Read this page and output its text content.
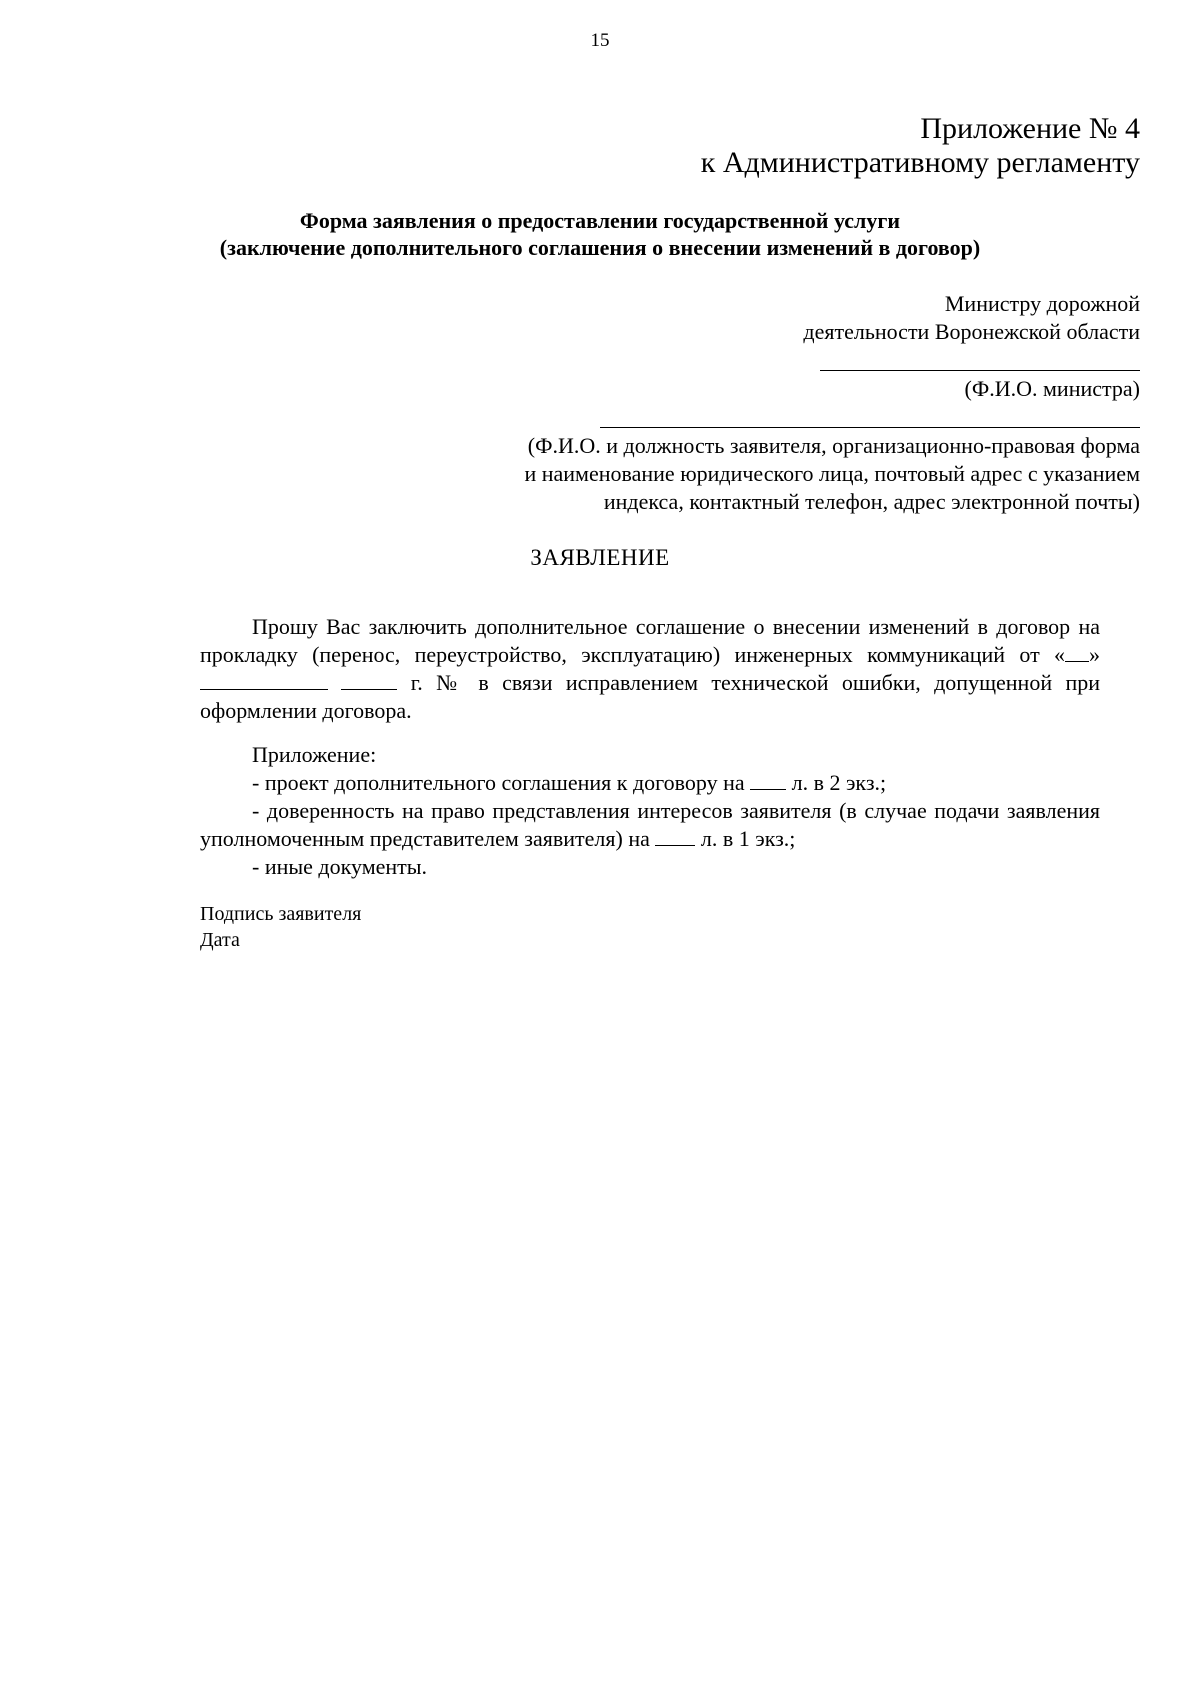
15
Приложение № 4
к Административному регламенту
Форма заявления о предоставлении государственной услуги
(заключение дополнительного соглашения о внесении изменений в договор)
Министру дорожной
деятельности Воронежской области
(Ф.И.О. министра)
(Ф.И.О. и должность заявителя, организационно-правовая форма
и наименование юридического лица, почтовый адрес с указанием
индекса, контактный телефон, адрес электронной почты)
ЗАЯВЛЕНИЕ

Прошу Вас заключить дополнительное соглашение о внесении изменений в договор на прокладку (перенос, переустройство, эксплуатацию) инженерных коммуникаций от « »   г. № в связи исправлением технической ошибки, допущенной при оформлении договора.

Приложение:

- проект дополнительного соглашения к договору на  л. в 2 экз.;

- доверенность на право представления интересов заявителя (в случае подачи заявления уполномоченным представителем заявителя) на  л. в 1 экз.;

- иные документы.

Подпись заявителя
Дата
